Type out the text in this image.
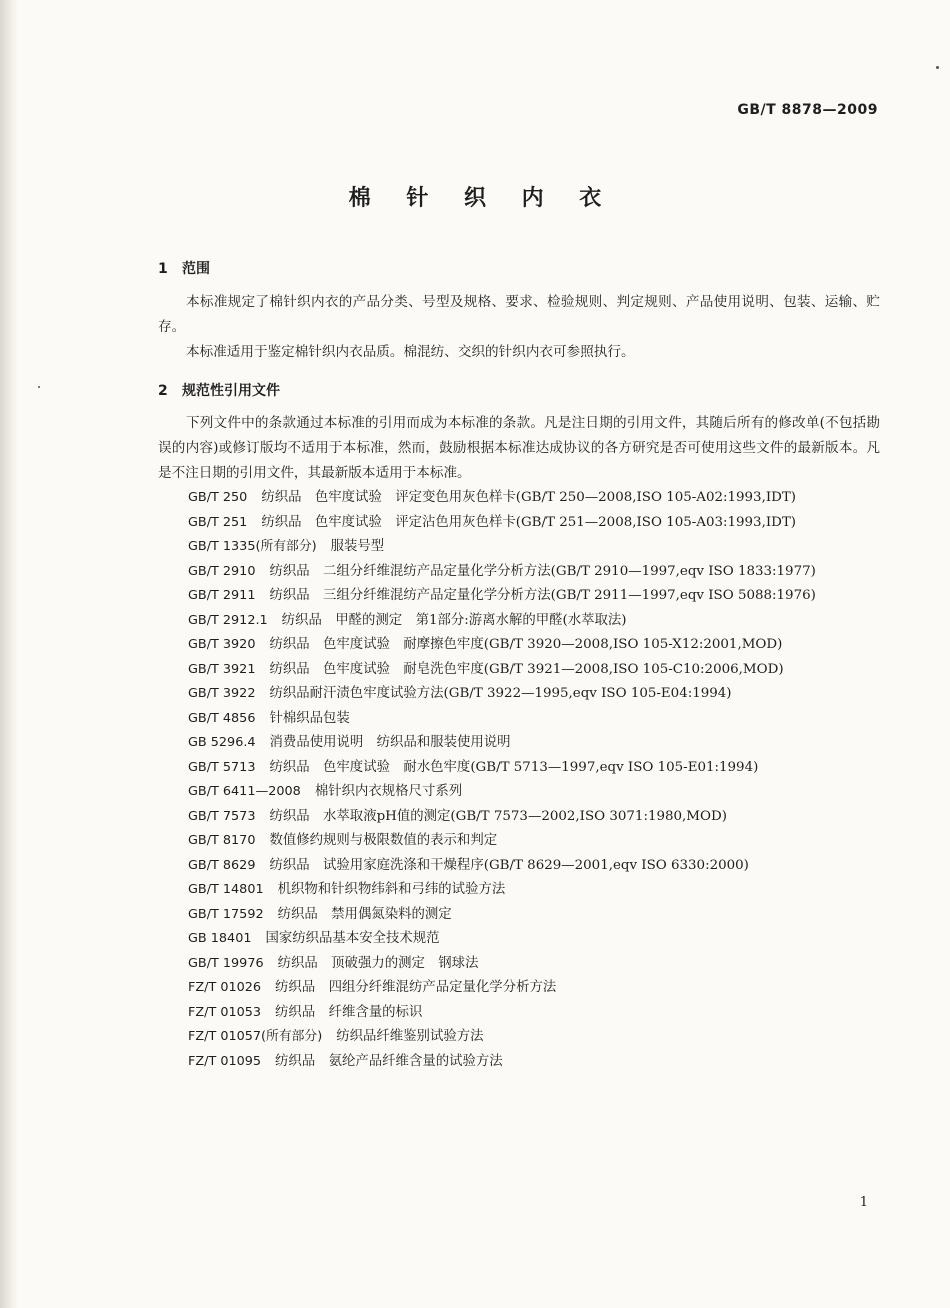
GB/T 8878—2009
棉 针 织 内 衣
1 范围
本标准规定了棉针织内衣的产品分类、号型及规格、要求、检验规则、判定规则、产品使用说明、包装、运输、贮存。
本标准适用于鉴定棉针织内衣品质。棉混纺、交织的针织内衣可参照执行。
2 规范性引用文件
下列文件中的条款通过本标准的引用而成为本标准的条款。凡是注日期的引用文件，其随后所有的修改单(不包括勘误的内容)或修订版均不适用于本标准，然而，鼓励根据本标准达成协议的各方研究是否可使用这些文件的最新版本。凡是不注日期的引用文件，其最新版本适用于本标准。
GB/T 250 纺织品　色牢度试验　评定变色用灰色样卡(GB/T 250—2008,ISO 105-A02:1993,IDT)
GB/T 251 纺织品　色牢度试验　评定沾色用灰色样卡(GB/T 251—2008,ISO 105-A03:1993,IDT)
GB/T 1335(所有部分) 服装号型
GB/T 2910 纺织品　二组分纤维混纺产品定量化学分析方法(GB/T 2910—1997,eqv ISO 1833:1977)
GB/T 2911 纺织品　三组分纤维混纺产品定量化学分析方法(GB/T 2911—1997,eqv ISO 5088:1976)
GB/T 2912.1 纺织品　甲醛的测定　第1部分:游离水解的甲醛(水萃取法)
GB/T 3920 纺织品　色牢度试验　耐摩擦色牢度(GB/T 3920—2008,ISO 105-X12:2001,MOD)
GB/T 3921 纺织品　色牢度试验　耐皂洗色牢度(GB/T 3921—2008,ISO 105-C10:2006,MOD)
GB/T 3922 纺织品耐汗渍色牢度试验方法(GB/T 3922—1995,eqv ISO 105-E04:1994)
GB/T 4856 针棉织品包装
GB 5296.4 消费品使用说明　纺织品和服装使用说明
GB/T 5713 纺织品　色牢度试验　耐水色牢度(GB/T 5713—1997,eqv ISO 105-E01:1994)
GB/T 6411—2008 棉针织内衣规格尺寸系列
GB/T 7573 纺织品　水萃取液pH值的测定(GB/T 7573—2002,ISO 3071:1980,MOD)
GB/T 8170 数值修约规则与极限数值的表示和判定
GB/T 8629 纺织品　试验用家庭洗涤和干燥程序(GB/T 8629—2001,eqv ISO 6330:2000)
GB/T 14801 机织物和针织物纬斜和弓纬的试验方法
GB/T 17592 纺织品　禁用偶氮染料的测定
GB 18401 国家纺织品基本安全技术规范
GB/T 19976 纺织品　顶破强力的测定　钢球法
FZ/T 01026 纺织品　四组分纤维混纺产品定量化学分析方法
FZ/T 01053 纺织品　纤维含量的标识
FZ/T 01057(所有部分) 纺织品纤维鉴别试验方法
FZ/T 01095 纺织品　氨纶产品纤维含量的试验方法
1
